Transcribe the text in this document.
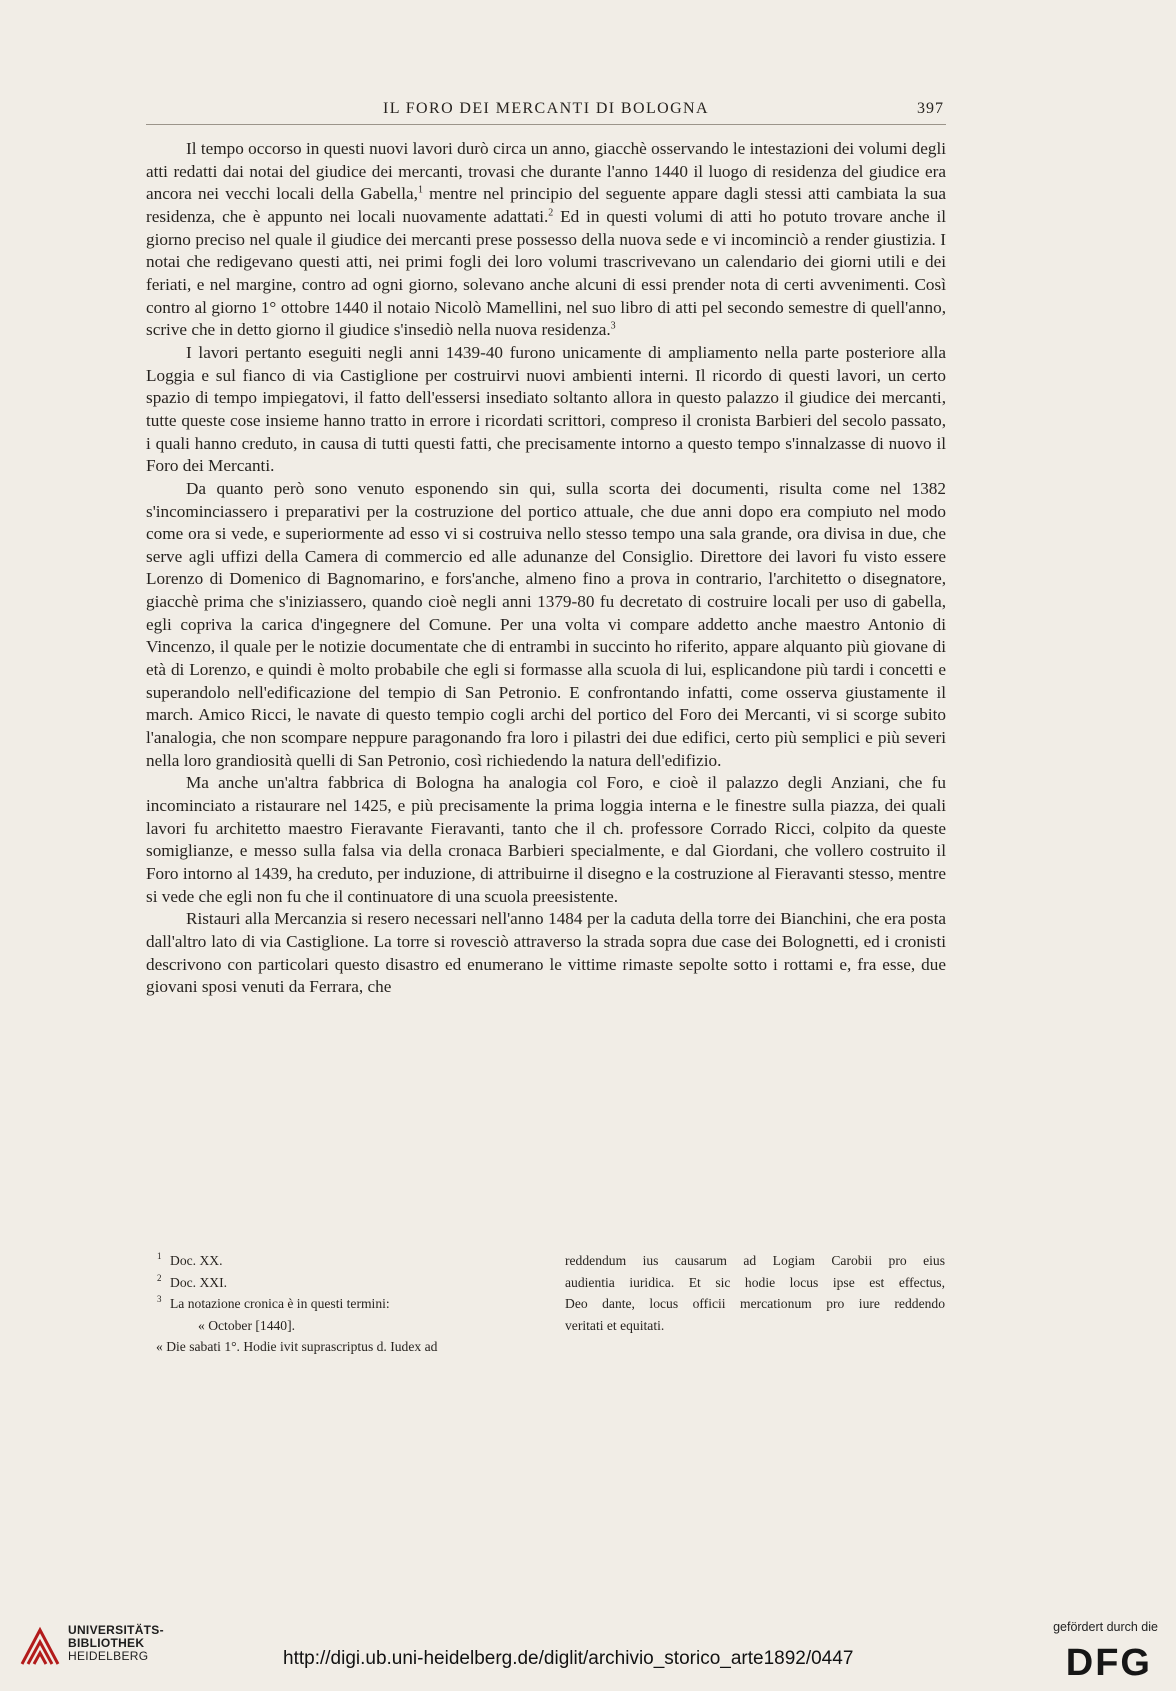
IL FORO DEI MERCANTI DI BOLOGNA	397

Il tempo occorso in questi nuovi lavori durò circa un anno, giacchè osservando le intestazioni dei volumi degli atti redatti dai notai del giudice dei mercanti, trovasi che durante l'anno 1440 il luogo di residenza del giudice era ancora nei vecchi locali della Gabella,$^1$ mentre nel principio del seguente appare dagli stessi atti cambiata la sua residenza, che è appunto nei locali nuovamente adattati.$^2$ Ed in questi volumi di atti ho potuto trovare anche il giorno preciso nel quale il giudice dei mercanti prese possesso della nuova sede e vi incominciò a render giustizia. I notai che redigevano questi atti, nei primi fogli dei loro volumi trascrivevano un calendario dei giorni utili e dei feriati, e nel margine, contro ad ogni giorno, solevano anche alcuni di essi prender nota di certi avvenimenti. Così contro al giorno 1° ottobre 1440 il notaio Nicolò Mamellini, nel suo libro di atti pel secondo semestre di quell'anno, scrive che in detto giorno il giudice s'insediò nella nuova residenza.$^3$

I lavori pertanto eseguiti negli anni 1439-40 furono unicamente di ampliamento nella parte posteriore alla Loggia e sul fianco di via Castiglione per costruirvi nuovi ambienti interni. Il ricordo di questi lavori, un certo spazio di tempo impiegatovi, il fatto dell'essersi insediato soltanto allora in questo palazzo il giudice dei mercanti, tutte queste cose insieme hanno tratto in errore i ricordati scrittori, compreso il cronista Barbieri del secolo passato, i quali hanno creduto, in causa di tutti questi fatti, che precisamente intorno a questo tempo s'innalzasse di nuovo il Foro dei Mercanti.

Da quanto però sono venuto esponendo sin qui, sulla scorta dei documenti, risulta come nel 1382 s'incominciassero i preparativi per la costruzione del portico attuale, che due anni dopo era compiuto nel modo come ora si vede, e superiormente ad esso vi si costruiva nello stesso tempo una sala grande, ora divisa in due, che serve agli uffizi della Camera di commercio ed alle adunanze del Consiglio. Direttore dei lavori fu visto essere Lorenzo di Domenico di Bagnomarino, e fors'anche, almeno fino a prova in contrario, l'architetto o disegnatore, giacchè prima che s'iniziassero, quando cioè negli anni 1379-80 fu decretato di costruire locali per uso di gabella, egli copriva la carica d'ingegnere del Comune. Per una volta vi compare addetto anche maestro Antonio di Vincenzo, il quale per le notizie documentate che di entrambi in succinto ho riferito, appare alquanto più giovane di età di Lorenzo, e quindi è molto probabile che egli si formasse alla scuola di lui, esplicandone più tardi i concetti e superandolo nell'edificazione del tempio di San Petronio. E confrontando infatti, come osserva giustamente il march. Amico Ricci, le navate di questo tempio cogli archi del portico del Foro dei Mercanti, vi si scorge subito l'analogia, che non scompare neppure paragonando fra loro i pilastri dei due edifici, certo più semplici e più severi nella loro grandiosità quelli di San Petronio, così richiedendo la natura dell'edifizio.

Ma anche un'altra fabbrica di Bologna ha analogia col Foro, e cioè il palazzo degli Anziani, che fu incominciato a ristaurare nel 1425, e più precisamente la prima loggia interna e le finestre sulla piazza, dei quali lavori fu architetto maestro Fieravante Fieravanti, tanto che il ch. professore Corrado Ricci, colpito da queste somiglianze, e messo sulla falsa via della cronaca Barbieri specialmente, e dal Giordani, che vollero costruito il Foro intorno al 1439, ha creduto, per induzione, di attribuirne il disegno e la costruzione al Fieravanti stesso, mentre si vede che egli non fu che il continuatore di una scuola preesistente.

Ristauri alla Mercanzia si resero necessari nell'anno 1484 per la caduta della torre dei Bianchini, che era posta dall'altro lato di via Castiglione. La torre si rovesciò attraverso la strada sopra due case dei Bolognetti, ed i cronisti descrivono con particolari questo disastro ed enumerano le vittime rimaste sepolte sotto i rottami e, fra esse, due giovani sposi venuti da Ferrara, che

1 Doc. XX.
2 Doc. XXI.
3 La notazione cronica è in questi termini:
« October [1440].
« Die sabati 1°. Hodie ivit suprascriptus d. Iudex ad
reddendum ius causarum ad Logiam Carobii pro eius
audientia iuridica. Et sic hodie locus ipse est effectus,
Deo dante, locus officii mercationum pro iure reddendo
veritati et equitati.
UNIVERSITÄTS-
BIBLIOTHEK
HEIDELBERG	http://digi.ub.uni-heidelberg.de/diglit/archivio_storico_arte1892/0447
gefördert durch die
DFG
